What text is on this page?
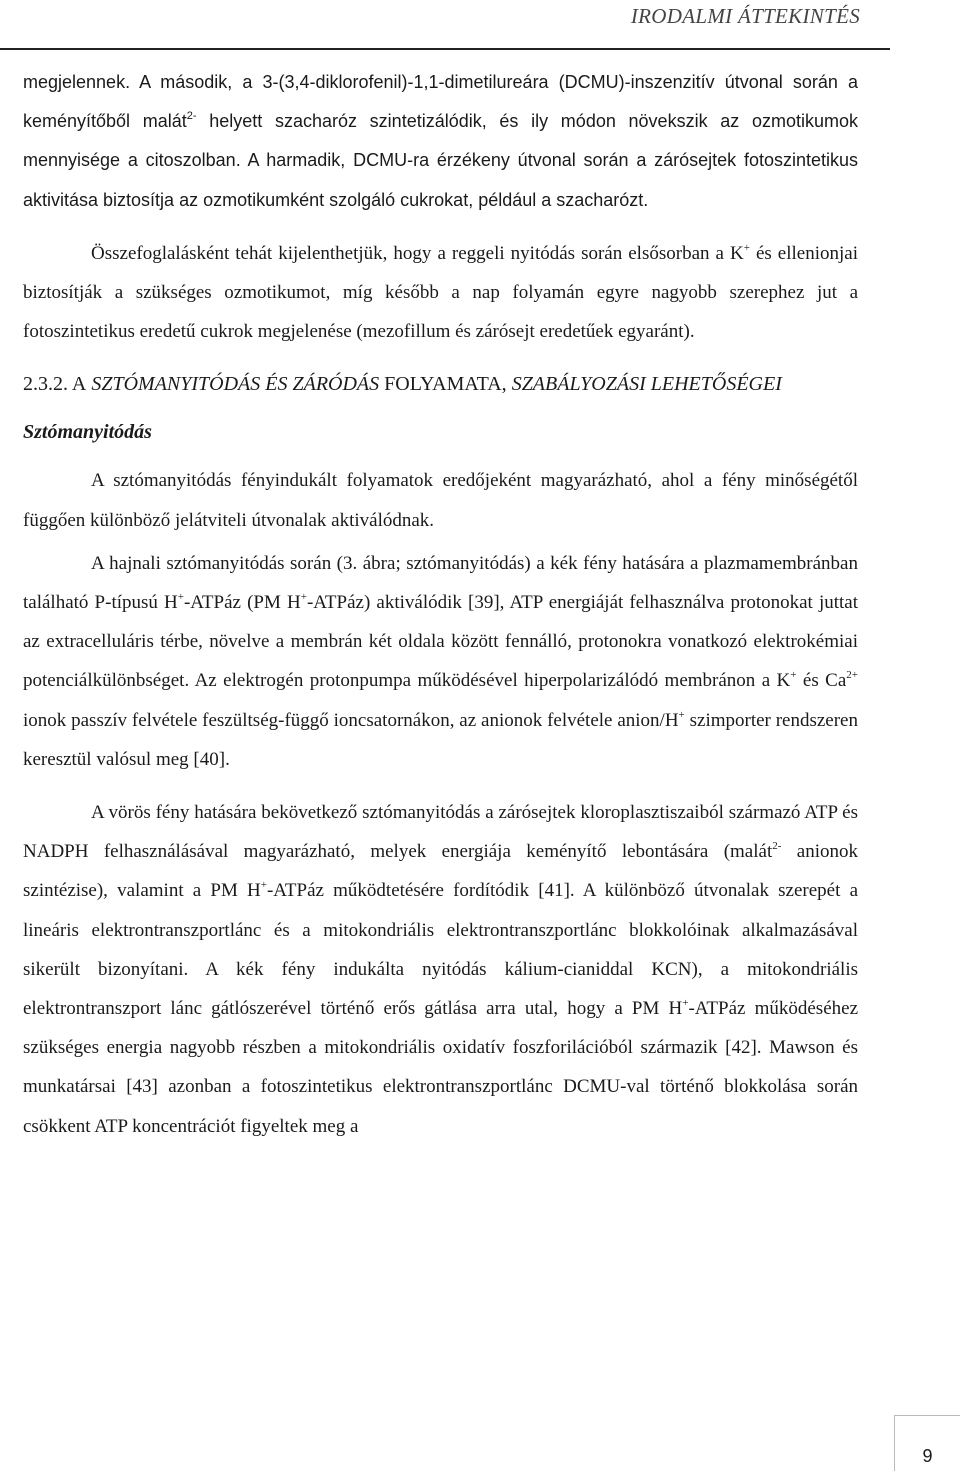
IRODALMI ÁTTEKINTÉS

megjelennek. A második, a 3-(3,4-diklorofenil)-1,1-dimetilureára (DCMU)-inszenzitív útvonal során a keményítőből malát$^{2-}$ helyett szacharóz szintetizálódik, és ily módon növekszik az ozmotikumok mennyisége a citoszolban. A harmadik, DCMU-ra érzékeny útvonal során a zárósejtek fotoszintetikus aktivitása biztosítja az ozmotikumként szolgáló cukrokat, például a szacharózt.

Összefoglalásként tehát kijelenthetjük, hogy a reggeli nyitódás során elsősorban a K+ és ellenionjai biztosítják a szükséges ozmotikumot, míg később a nap folyamán egyre nagyobb szerephez jut a fotoszintetikus eredetű cukrok megjelenése (mezofillum és zárósejt eredetűek egyaránt).

2.3.2. A SZTÓMANYITÓDÁS ÉS ZÁRÓDÁS FOLYAMATA, SZABÁLYOZÁSI LEHETŐSÉGEI

Sztómanyitódás

A sztómanyitódás fényindukált folyamatok eredőjeként magyarázható, ahol a fény minőségétől függően különböző jelátviteli útvonalak aktiválódnak.

A hajnali sztómanyitódás során (3. ábra; sztómanyitódás) a kék fény hatására a plazmamembránban található P-típusú H+-ATPáz (PM H+-ATPáz) aktiválódik [39], ATP energiáját felhasználva protonokat juttat az extracelluláris térbe, növelve a membrán két oldala között fennálló, protonokra vonatkozó elektrokémiai potenciálkülönbséget. Az elektrogén protonpumpa működésével hiperpolarizálódó membránon a K+ és $Ca^{2+}$ ionok passzív felvétele feszültség-függő ioncsatornákon, az anionok felvétele anion/H+ szimporter rendszeren keresztül valósul meg [40].

A vörös fény hatására bekövetkező sztómanyitódás a zárósejtek kloroplasztiszaiból származó ATP és NADPH felhasználásával magyarázható, melyek energiája keményítő lebontására (malát$^{2-}$ anionok szintézise), valamint a PM H+-ATPáz működtetésére fordítódik [41]. A különböző útvonalak szerepét a lineáris elektrontranszportlánc és a mitokondriális elektrontranszportlánc blokkolóinak alkalmazásával sikerült bizonyítani. A kék fény indukálta nyitódás kálium-cianiddal KCN), a mitokondriális elektrontranszport lánc gátlószerével történő erős gátlása arra utal, hogy a PM H+-ATPáz működéséhez szükséges energia nagyobb részben a mitokondriális oxidatív foszforilációból származik [42]. Mawson és munkatársai [43] azonban a fotoszintetikus elektrontranszportlánc DCMU-val történő blokkolása során csökkent ATP koncentrációt figyeltek meg a

9
